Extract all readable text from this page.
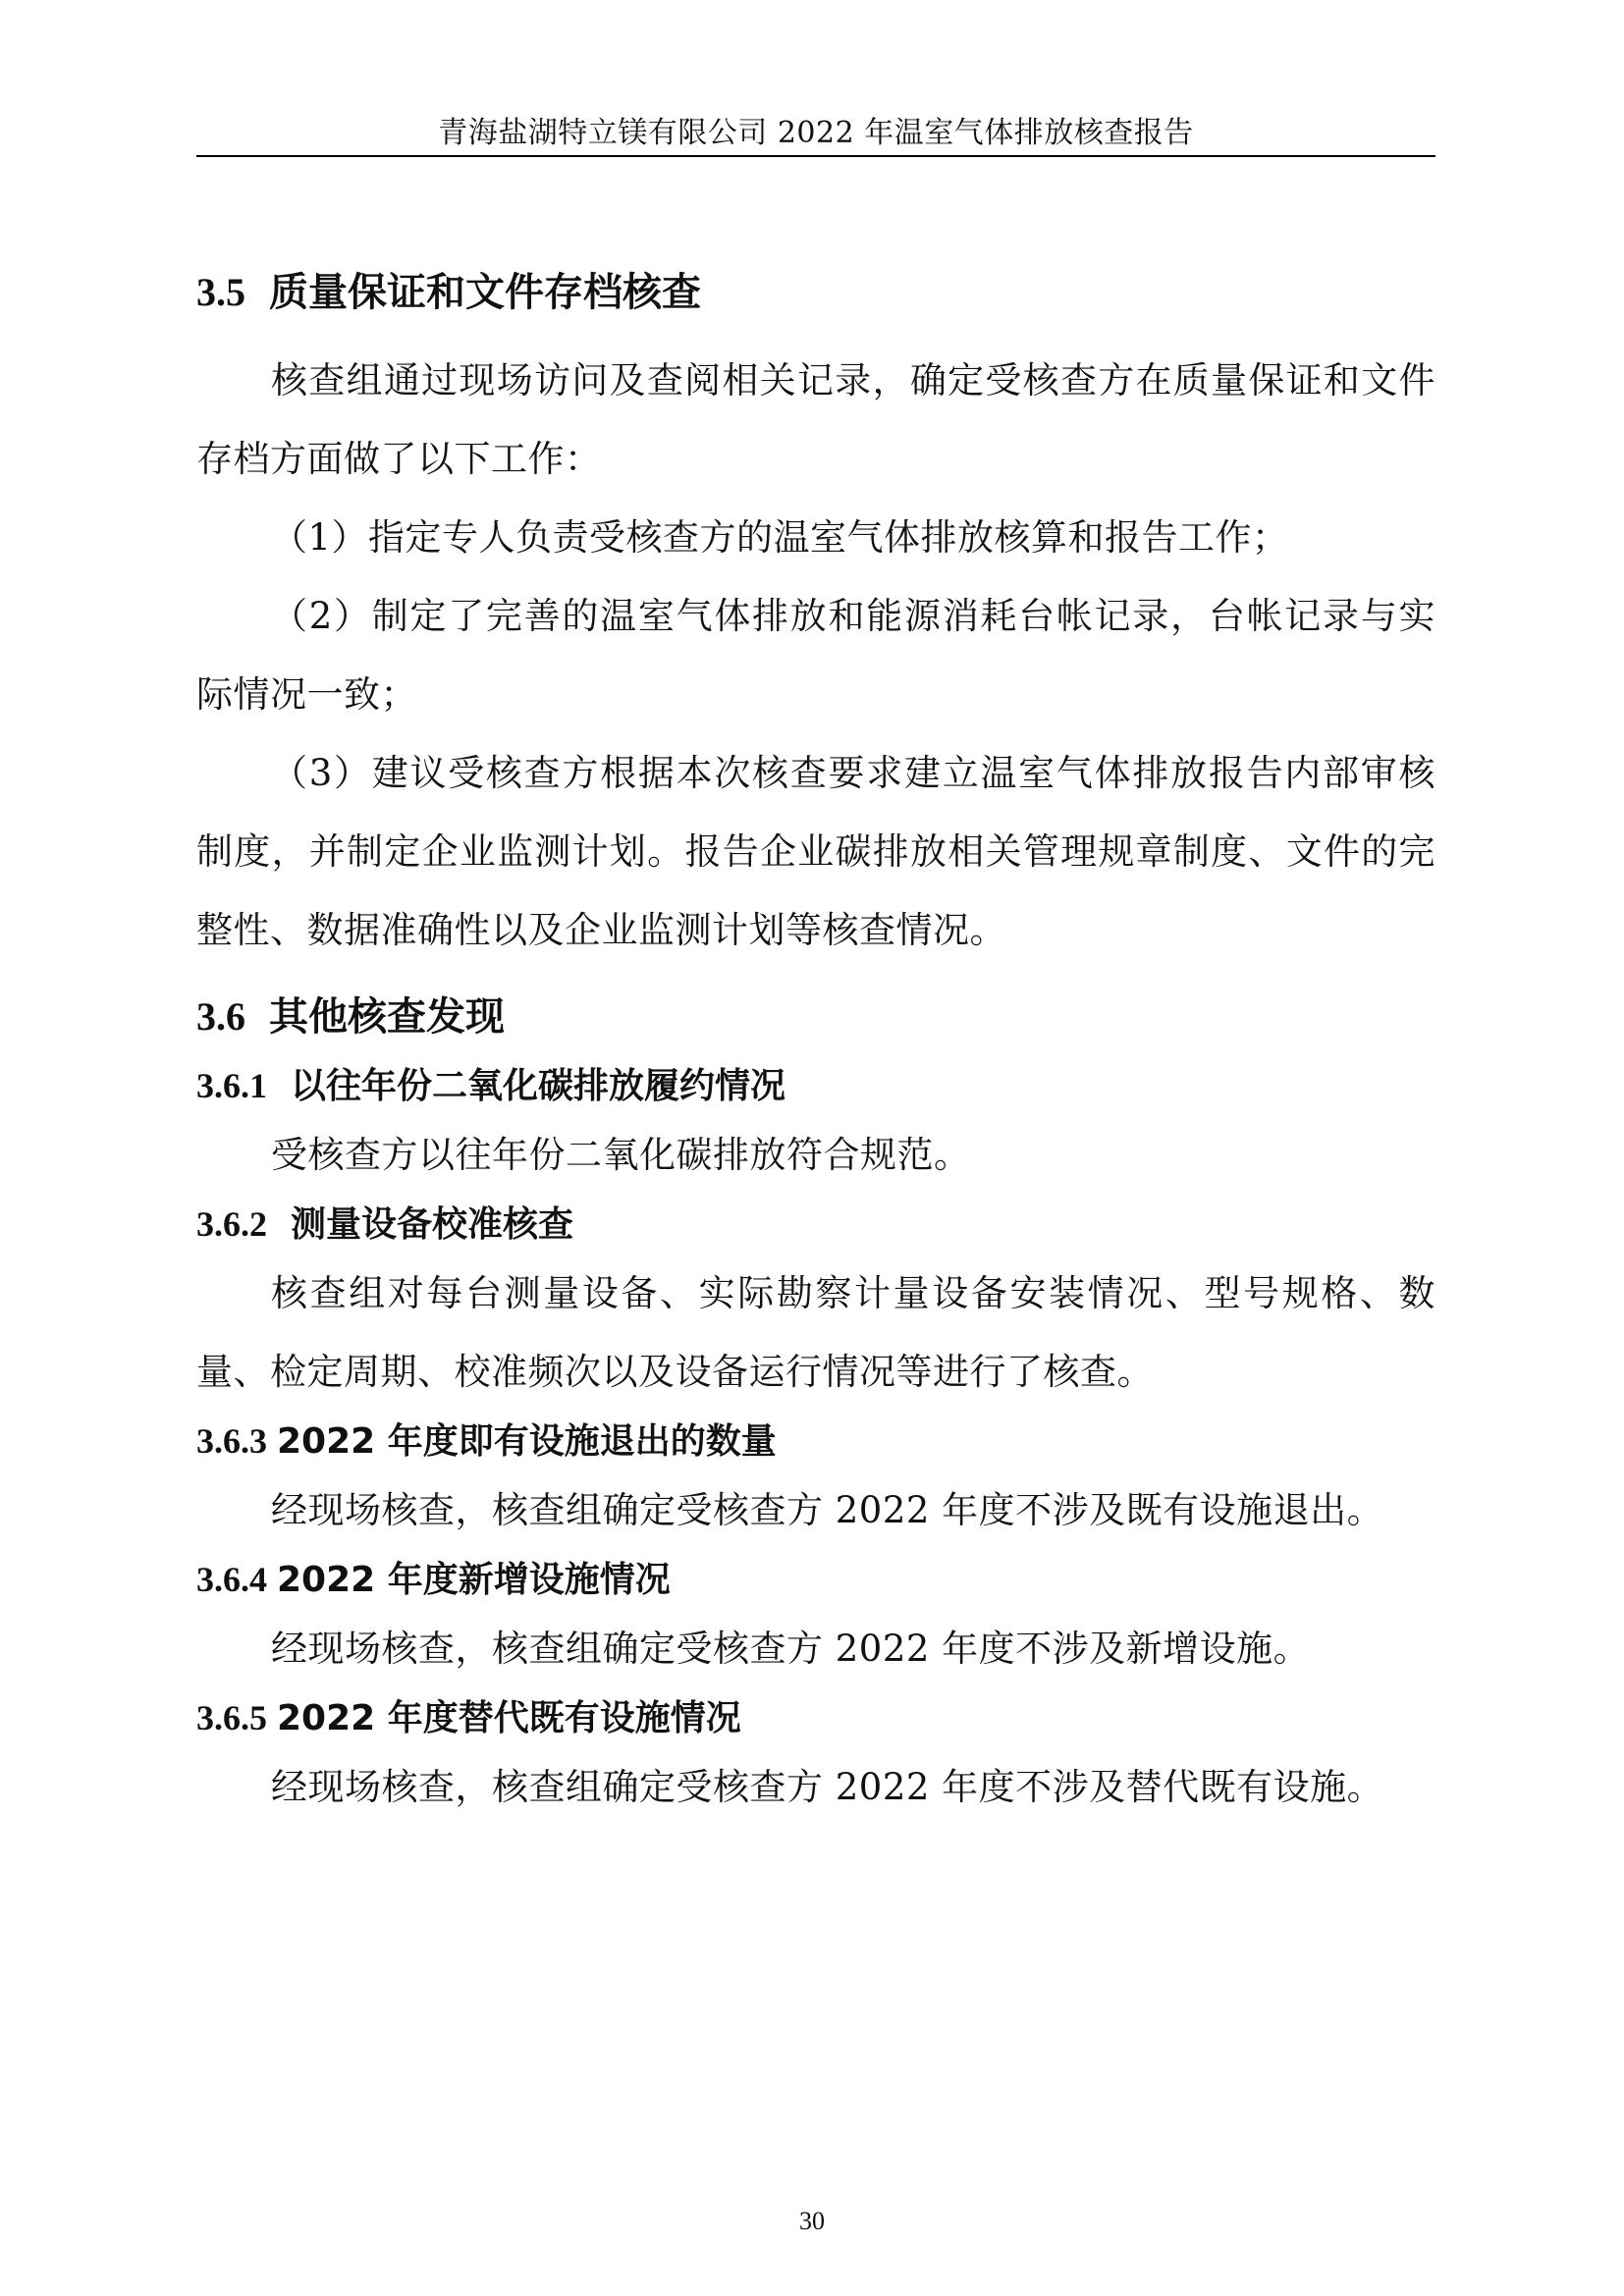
青海盐湖特立镁有限公司 2022 年温室气体排放核查报告
3.5 质量保证和文件存档核查

核查组通过现场访问及查阅相关记录，确定受核查方在质量保证和文件存档方面做了以下工作：

（1）指定专人负责受核查方的温室气体排放核算和报告工作；

（2）制定了完善的温室气体排放和能源消耗台帐记录，台帐记录与实际情况一致；

（3）建议受核查方根据本次核查要求建立温室气体排放报告内部审核制度，并制定企业监测计划。报告企业碳排放相关管理规章制度、文件的完整性、数据准确性以及企业监测计划等核查情况。

3.6 其他核查发现
3.6.1 以往年份二氧化碳排放履约情况

受核查方以往年份二氧化碳排放符合规范。

3.6.2 测量设备校准核查

核查组对每台测量设备、实际勘察计量设备安装情况、型号规格、数量、检定周期、校准频次以及设备运行情况等进行了核查。

3.6.3 2022 年度即有设施退出的数量

经现场核查，核查组确定受核查方 2022 年度不涉及既有设施退出。

3.6.4 2022 年度新增设施情况

经现场核查，核查组确定受核查方 2022 年度不涉及新增设施。

3.6.5 2022 年度替代既有设施情况

经现场核查，核查组确定受核查方 2022 年度不涉及替代既有设施。

30
